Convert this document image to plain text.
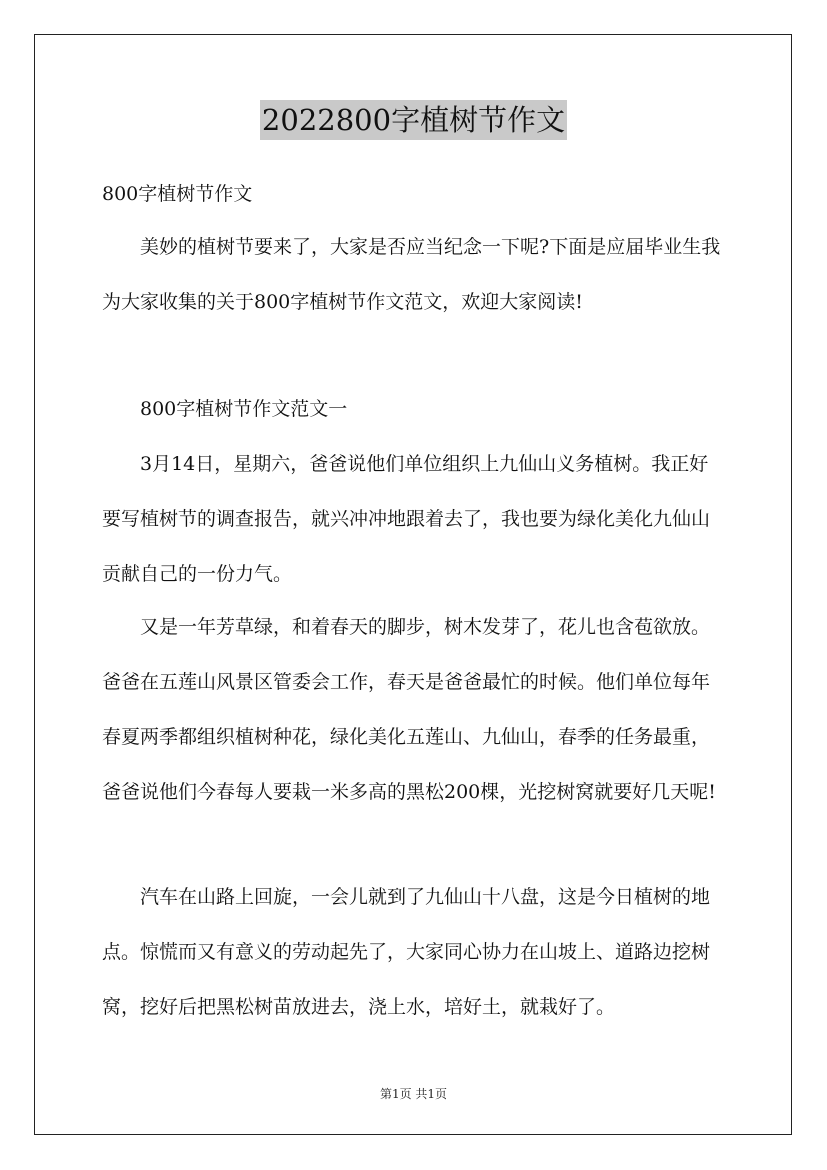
2022800字植树节作文

800字植树节作文

美妙的植树节要来了，大家是否应当纪念一下呢?下面是应届毕业生我为大家收集的关于800字植树节作文范文，欢迎大家阅读!

800字植树节作文范文一

3月14日，星期六，爸爸说他们单位组织上九仙山义务植树。我正好要写植树节的调查报告，就兴冲冲地跟着去了，我也要为绿化美化九仙山贡献自己的一份力气。

又是一年芳草绿，和着春天的脚步，树木发芽了，花儿也含苞欲放。爸爸在五莲山风景区管委会工作，春天是爸爸最忙的时候。他们单位每年春夏两季都组织植树种花，绿化美化五莲山、九仙山，春季的任务最重，爸爸说他们今春每人要栽一米多高的黑松200棵，光挖树窝就要好几天呢!

汽车在山路上回旋，一会儿就到了九仙山十八盘，这是今日植树的地点。惊慌而又有意义的劳动起先了，大家同心协力在山坡上、道路边挖树窝，挖好后把黑松树苗放进去，浇上水，培好土，就栽好了。

第1页 共1页
